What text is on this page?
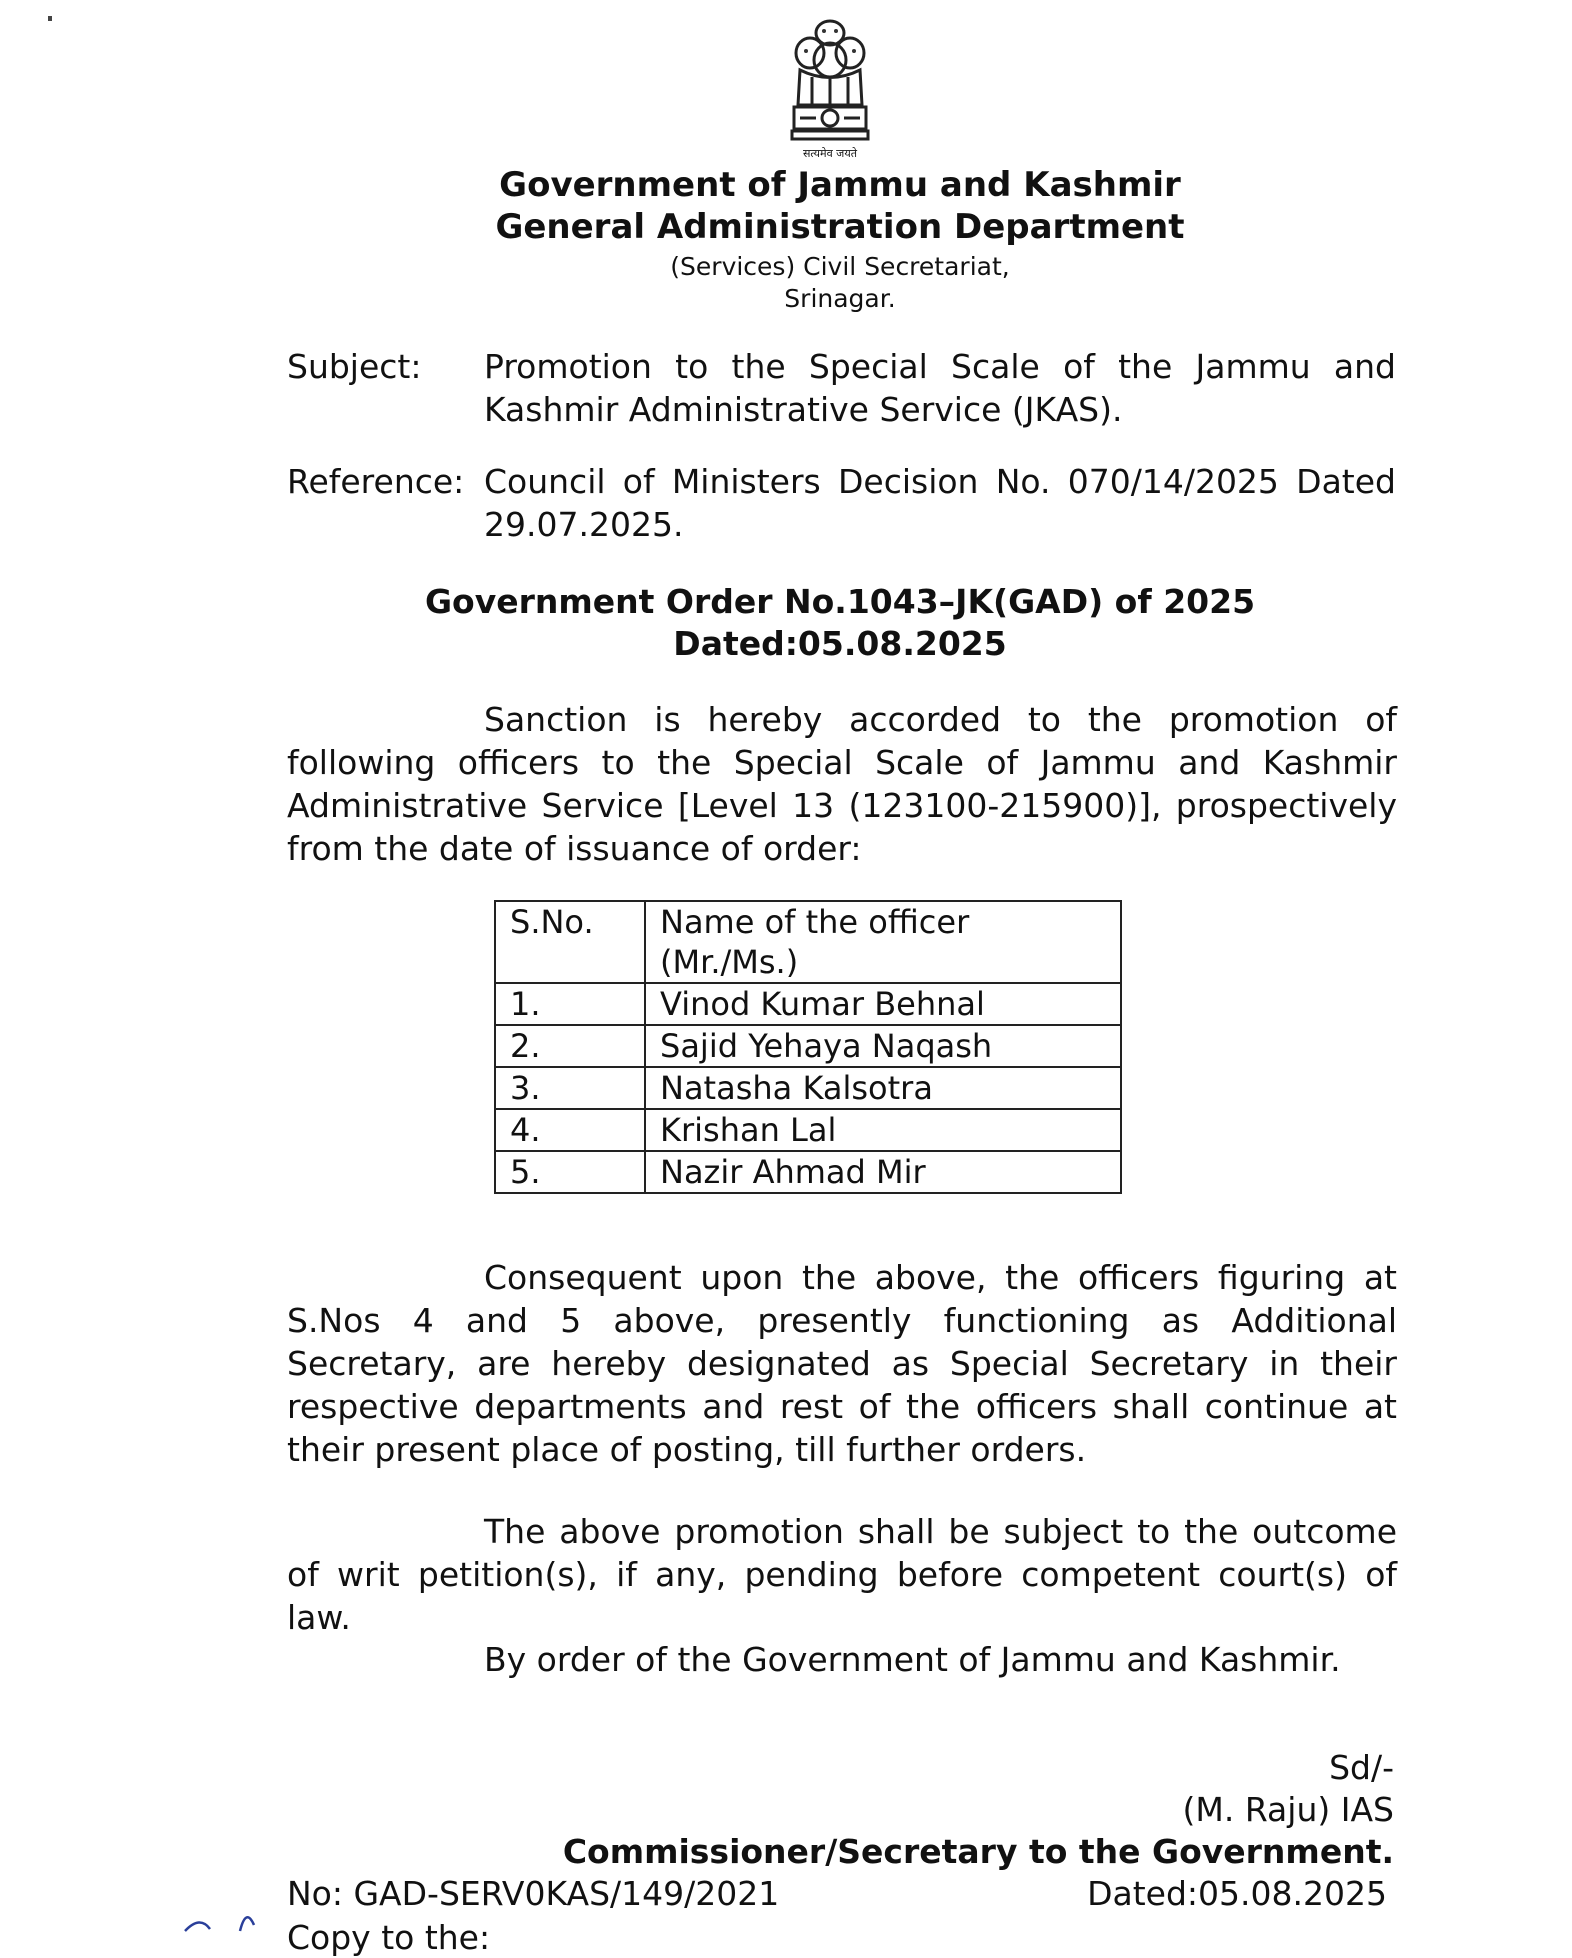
सत्यमेव जयते
Government of Jammu and Kashmir
General Administration Department
(Services) Civil Secretariat,
Srinagar.
Subject: Promotion to the Special Scale of the Jammu and Kashmir Administrative Service (JKAS).
Reference: Council of Ministers Decision No. 070/14/2025 Dated 29.07.2025.
Government Order No.1043–JK(GAD) of 2025
Dated:05.08.2025
Sanction is hereby accorded to the promotion of following officers to the Special Scale of Jammu and Kashmir Administrative Service [Level 13 (123100-215900)], prospectively from the date of issuance of order:
S.No.	Name of the officer (Mr./Ms.)
1.	Vinod Kumar Behnal
2.	Sajid Yehaya Naqash
3.	Natasha Kalsotra
4.	Krishan Lal
5.	Nazir Ahmad Mir
Consequent upon the above, the officers figuring at S.Nos 4 and 5 above, presently functioning as Additional Secretary, are hereby designated as Special Secretary in their respective departments and rest of the officers shall continue at their present place of posting, till further orders.
The above promotion shall be subject to the outcome of writ petition(s), if any, pending before competent court(s) of law.
By order of the Government of Jammu and Kashmir.
Sd/-
(M. Raju) IAS
Commissioner/Secretary to the Government.
No: GAD-SERV0KAS/149/2021	Dated:05.08.2025
Copy to the:
